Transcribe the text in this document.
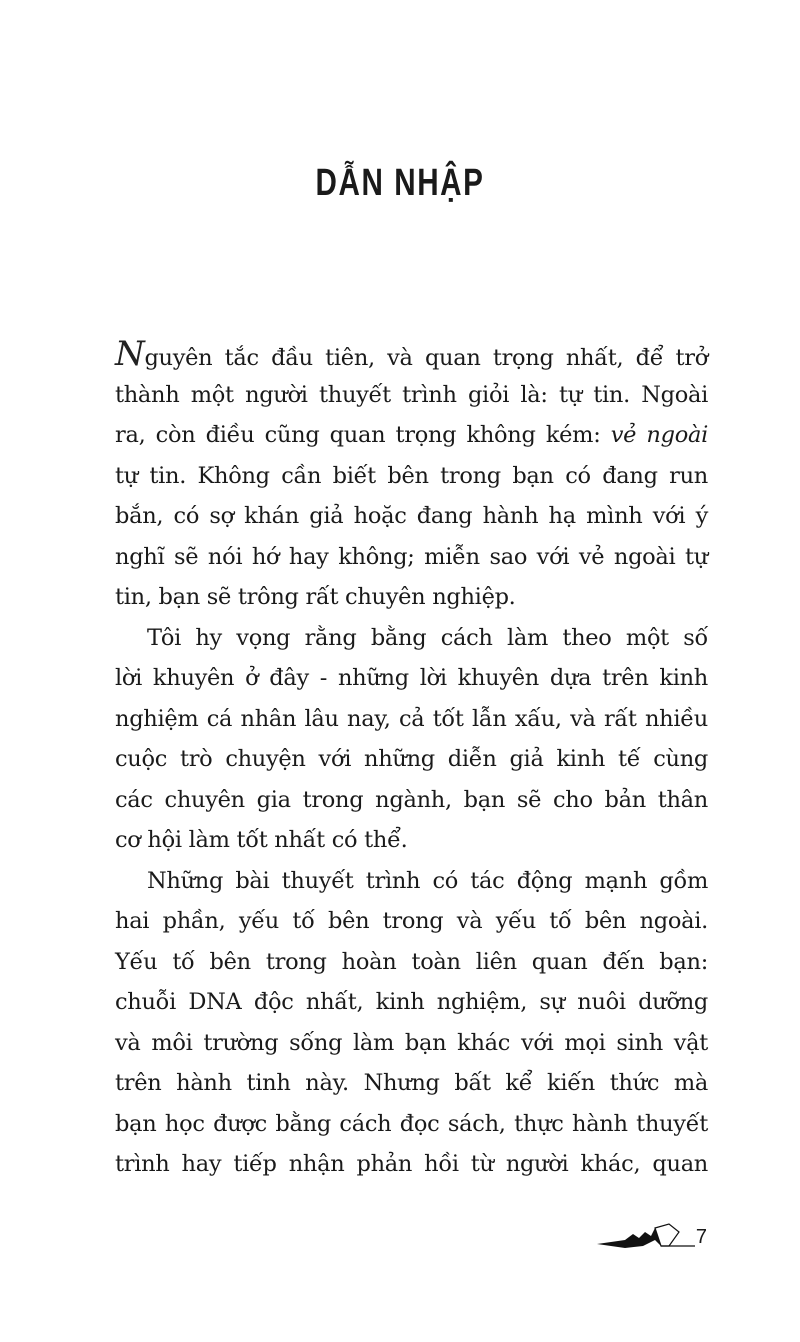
DẪN NHẬP
Nguyên tắc đầu tiên, và quan trọng nhất, để trở
thành một người thuyết trình giỏi là: tự tin. Ngoài
ra, còn điều cũng quan trọng không kém: vẻ ngoài
tự tin. Không cần biết bên trong bạn có đang run
bắn, có sợ khán giả hoặc đang hành hạ mình với ý
nghĩ sẽ nói hớ hay không; miễn sao với vẻ ngoài tự
tin, bạn sẽ trông rất chuyên nghiệp.
Tôi hy vọng rằng bằng cách làm theo một số
lời khuyên ở đây - những lời khuyên dựa trên kinh
nghiệm cá nhân lâu nay, cả tốt lẫn xấu, và rất nhiều
cuộc trò chuyện với những diễn giả kinh tế cùng
các chuyên gia trong ngành, bạn sẽ cho bản thân
cơ hội làm tốt nhất có thể.
Những bài thuyết trình có tác động mạnh gồm
hai phần, yếu tố bên trong và yếu tố bên ngoài.
Yếu tố bên trong hoàn toàn liên quan đến bạn:
chuỗi DNA độc nhất, kinh nghiệm, sự nuôi dưỡng
và môi trường sống làm bạn khác với mọi sinh vật
trên hành tinh này. Nhưng bất kể kiến thức mà
bạn học được bằng cách đọc sách, thực hành thuyết
trình hay tiếp nhận phản hồi từ người khác, quan
7
